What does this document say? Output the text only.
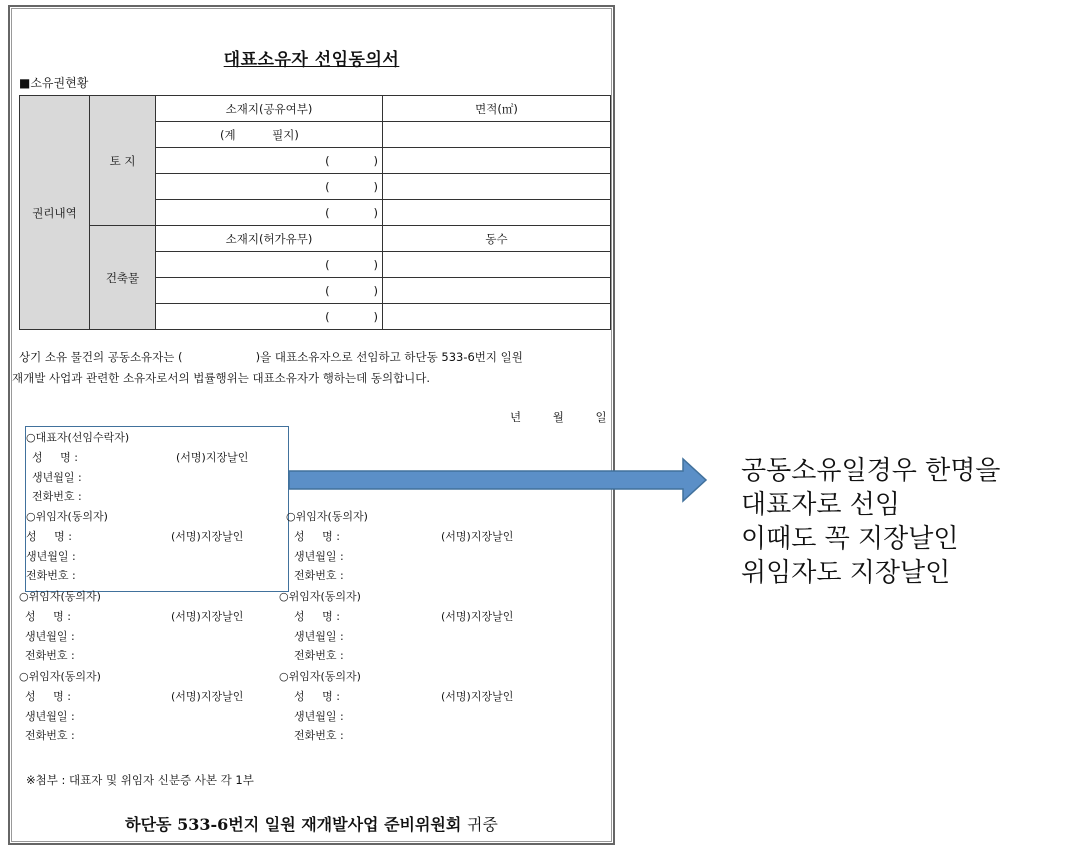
대표소유자 선임동의서
■소유권현황
권리내역	토 지	소재지(공유여부)	면적(㎡)
		(계          필지)	
		(            )	
		(            )	
		(            )	
	건축물	소재지(허가유무)	동수
		(            )	
		(            )	
		(            )	
상기 소유 물건의 공동소유자는 (                    )을 대표소유자으로 선임하고 하단동 533-6번지 일원
재개발 사업과 관련한 소유자로서의 법률행위는 대표소유자가 행하는데 동의합니다.
년	월	일
○대표자(선임수락자)
성     명 :	(서명)지장날인
생년월일 :
전화번호 :
○위임자(동의자)
성     명 :	(서명)지장날인
생년월일 :
전화번호 :
○위임자(동의자)
성     명 :	(서명)지장날인
생년월일 :
전화번호 :
○위임자(동의자)
성     명 :	(서명)지장날인
생년월일 :
전화번호 :
○위임자(동의자)
성     명 :	(서명)지장날인
생년월일 :
전화번호 :
○위임자(동의자)
성     명 :	(서명)지장날인
생년월일 :
전화번호 :
○위임자(동의자)
성     명 :	(서명)지장날인
생년월일 :
전화번호 :
※첨부 : 대표자 및 위임자 신분증 사본 각 1부
하단동 533-6번지 일원 재개발사업 준비위원회 귀중
공동소유일경우 한명을
대표자로 선임
이때도 꼭 지장날인
위임자도 지장날인
